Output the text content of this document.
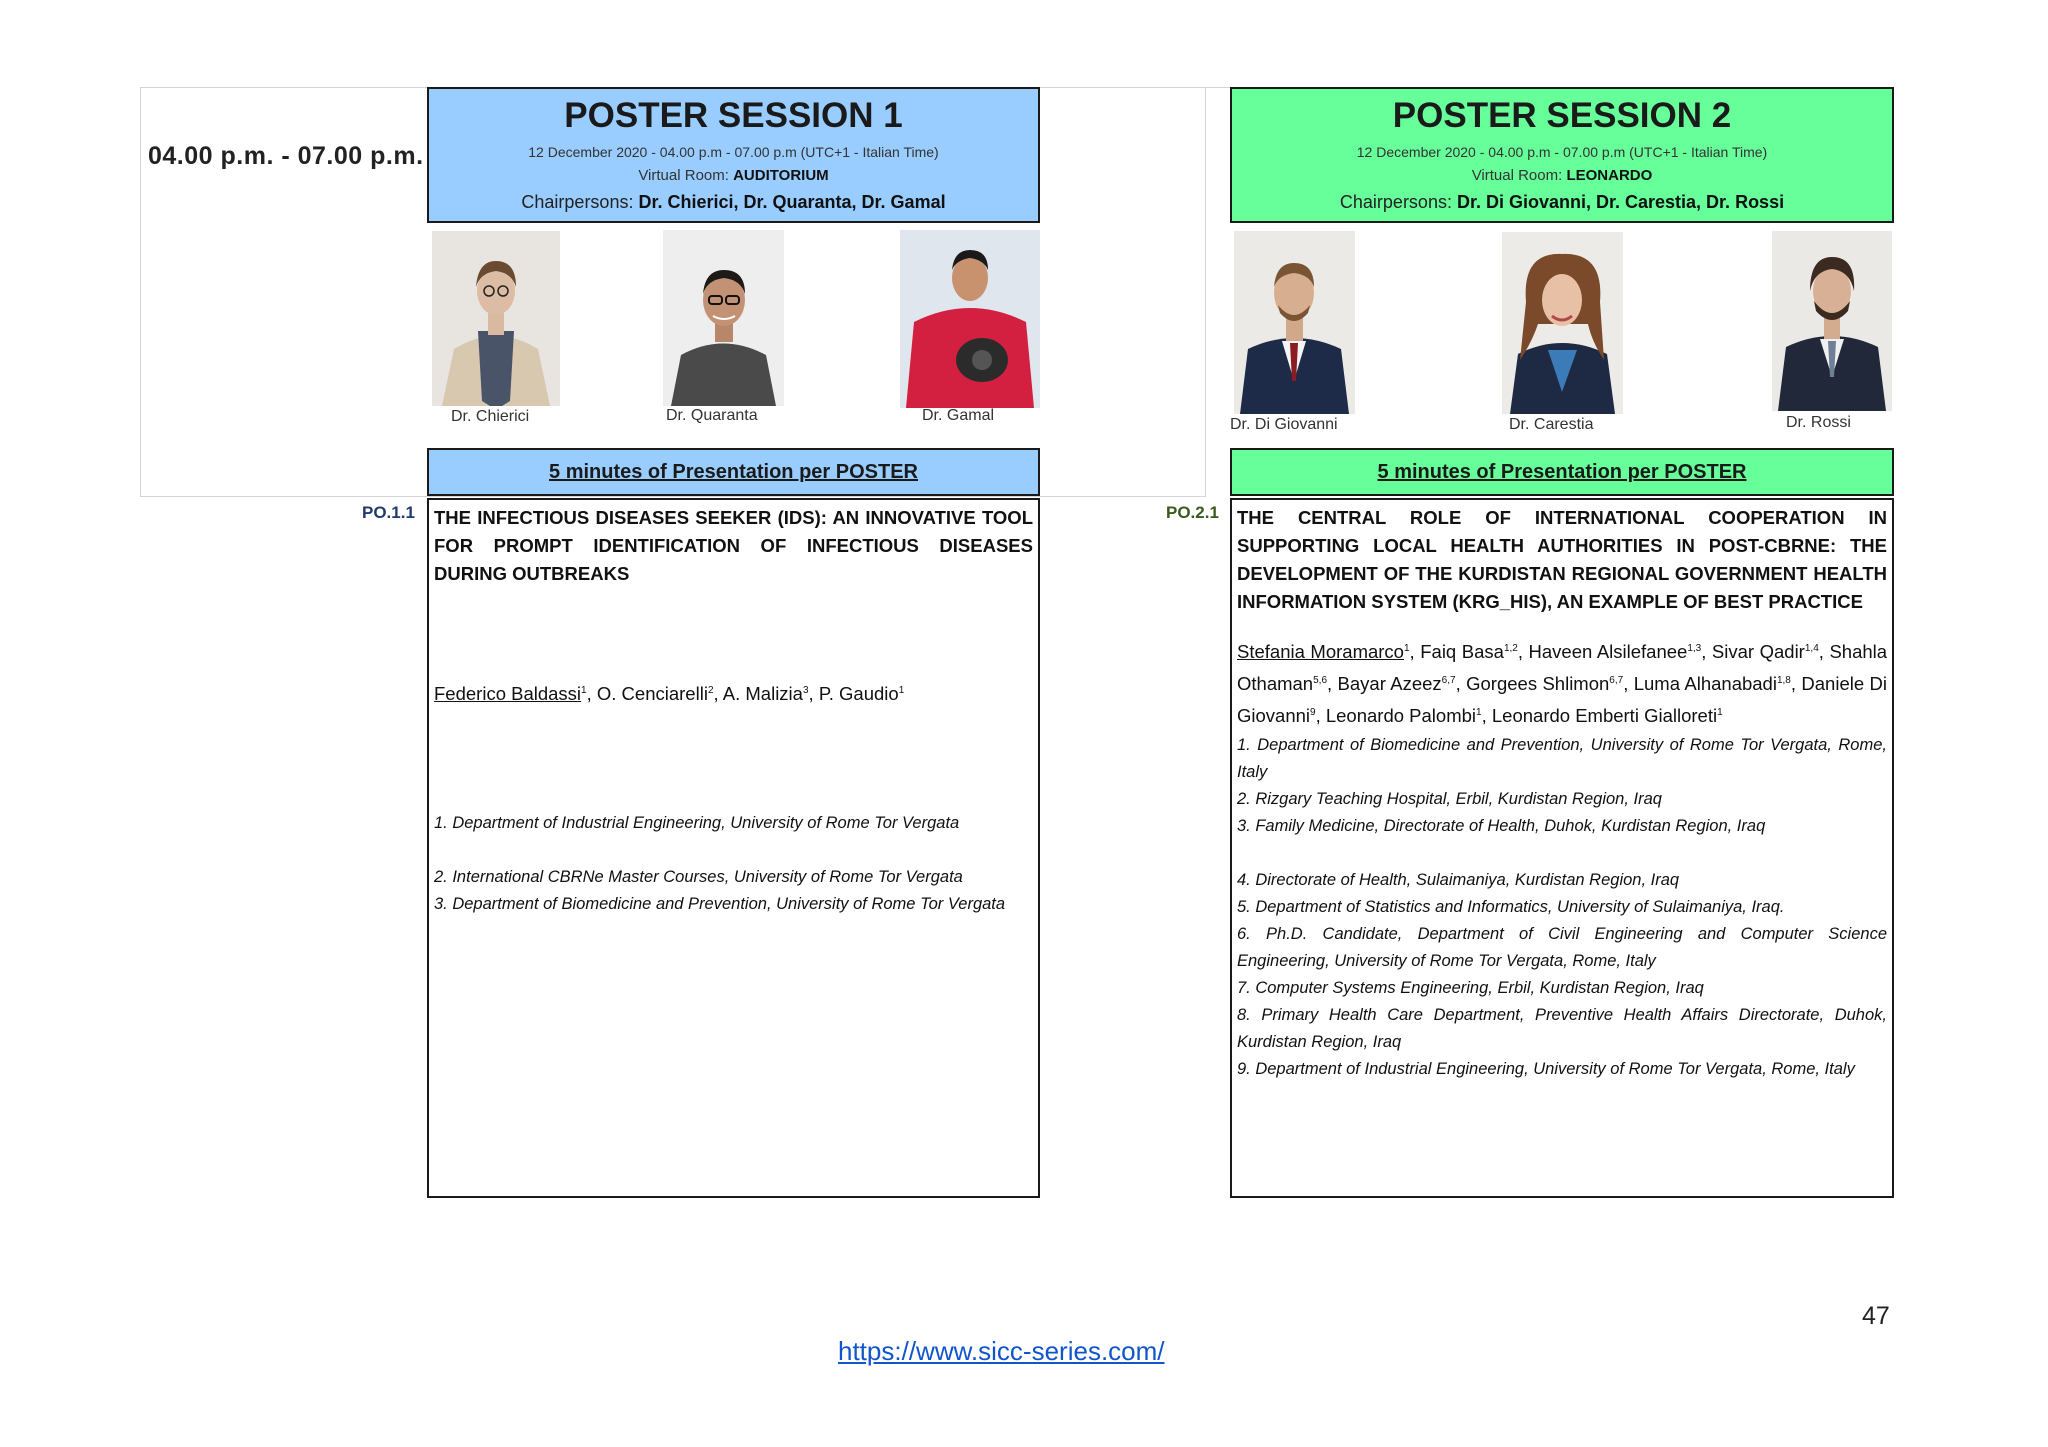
04.00 p.m. - 07.00 p.m.
POSTER SESSION 1
12 December 2020 - 04.00 p.m - 07.00 p.m (UTC+1 - Italian Time)
Virtual Room: AUDITORIUM
Chairpersons: Dr. Chierici, Dr. Quaranta, Dr. Gamal
POSTER SESSION 2
12 December 2020 - 04.00 p.m - 07.00 p.m (UTC+1 - Italian Time)
Virtual Room: LEONARDO
Chairpersons: Dr. Di Giovanni, Dr. Carestia, Dr. Rossi
Dr. Chierici	Dr. Quaranta	Dr. Gamal
Dr. Di Giovanni	Dr. Carestia	Dr. Rossi
5 minutes of Presentation per POSTER	5 minutes of Presentation per POSTER
PO.1.1	PO.2.1

THE INFECTIOUS DISEASES SEEKER (IDS): AN INNOVATIVE TOOL FOR PROMPT IDENTIFICATION OF INFECTIOUS DISEASES DURING OUTBREAKS

Federico Baldassi$^1$, O. Cenciarelli$^2$, A. Malizia$^3$, P. Gaudio$^1$

1. Department of Industrial Engineering, University of Rome Tor Vergata
2. International CBRNe Master Courses, University of Rome Tor Vergata
3. Department of Biomedicine and Prevention, University of Rome Tor Vergata

THE CENTRAL ROLE OF INTERNATIONAL COOPERATION IN SUPPORTING LOCAL HEALTH AUTHORITIES IN POST-CBRNE: THE DEVELOPMENT OF THE KURDISTAN REGIONAL GOVERNMENT HEALTH INFORMATION SYSTEM (KRG_HIS), AN EXAMPLE OF BEST PRACTICE

Stefania Moramarco$^1$, Faiq Basa$^{1,2}$, Haveen Alsilefanee$^{1,3}$, Sivar Qadir$^{1,4}$, Shahla Othaman$^{5,6}$, Bayar Azeez$^{6,7}$, Gorgees Shlimon$^{6,7}$, Luma Alhanabadi$^{1,8}$, Daniele Di Giovanni$^9$, Leonardo Palombi$^1$, Leonardo Emberti Gialloreti$^1$

1. Department of Biomedicine and Prevention, University of Rome Tor Vergata, Rome, Italy
2. Rizgary Teaching Hospital, Erbil, Kurdistan Region, Iraq
3. Family Medicine, Directorate of Health, Duhok, Kurdistan Region, Iraq
4. Directorate of Health, Sulaimaniya, Kurdistan Region, Iraq
5. Department of Statistics and Informatics, University of Sulaimaniya, Iraq.
6. Ph.D. Candidate, Department of Civil Engineering and Computer Science Engineering, University of Rome Tor Vergata, Rome, Italy
7. Computer Systems Engineering, Erbil, Kurdistan Region, Iraq
8. Primary Health Care Department, Preventive Health Affairs Directorate, Duhok, Kurdistan Region, Iraq
9. Department of Industrial Engineering, University of Rome Tor Vergata, Rome, Italy
47
https://www.sicc-series.com/
